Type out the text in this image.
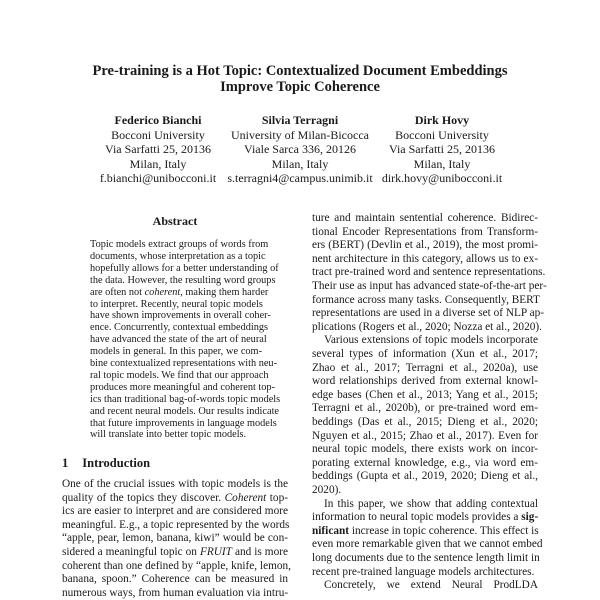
Pre-training is a Hot Topic: Contextualized Document Embeddings
Improve Topic Coherence
Federico Bianchi
Bocconi University
Via Sarfatti 25, 20136
Milan, Italy
f.bianchi@unibocconi.it
Silvia Terragni
University of Milan-Bicocca
Viale Sarca 336, 20126
Milan, Italy
s.terragni4@campus.unimib.it
Dirk Hovy
Bocconi University
Via Sarfatti 25, 20136
Milan, Italy
dirk.hovy@unibocconi.it
Abstract
Topic models extract groups of words from
documents, whose interpretation as a topic
hopefully allows for a better understanding of
the data. However, the resulting word groups
are often not coherent, making them harder
to interpret. Recently, neural topic models
have shown improvements in overall coher-
ence. Concurrently, contextual embeddings
have advanced the state of the art of neural
models in general. In this paper, we com-
bine contextualized representations with neu-
ral topic models. We find that our approach
produces more meaningful and coherent top-
ics than traditional bag-of-words topic models
and recent neural models. Our results indicate
that future improvements in language models
will translate into better topic models.
1 Introduction
One of the crucial issues with topic models is the
quality of the topics they discover. Coherent top-
ics are easier to interpret and are considered more
meaningful. E.g., a topic represented by the words
“apple, pear, lemon, banana, kiwi” would be con-
sidered a meaningful topic on FRUIT and is more
coherent than one defined by “apple, knife, lemon,
banana, spoon.” Coherence can be measured in
numerous ways, from human evaluation via intru-
ture and maintain sentential coherence. Bidirec-
tional Encoder Representations from Transform-
ers (BERT) (Devlin et al., 2019), the most promi-
nent architecture in this category, allows us to ex-
tract pre-trained word and sentence representations.
Their use as input has advanced state-of-the-art per-
formance across many tasks. Consequently, BERT
representations are used in a diverse set of NLP ap-
plications (Rogers et al., 2020; Nozza et al., 2020).
Various extensions of topic models incorporate
several types of information (Xun et al., 2017;
Zhao et al., 2017; Terragni et al., 2020a), use
word relationships derived from external knowl-
edge bases (Chen et al., 2013; Yang et al., 2015;
Terragni et al., 2020b), or pre-trained word em-
beddings (Das et al., 2015; Dieng et al., 2020;
Nguyen et al., 2015; Zhao et al., 2017). Even for
neural topic models, there exists work on incor-
porating external knowledge, e.g., via word em-
beddings (Gupta et al., 2019, 2020; Dieng et al.,
2020).
In this paper, we show that adding contextual
information to neural topic models provides a sig-
nificant increase in topic coherence. This effect is
even more remarkable given that we cannot embed
long documents due to the sentence length limit in
recent pre-trained language models architectures.
Concretely, we extend Neural ProdLDA
